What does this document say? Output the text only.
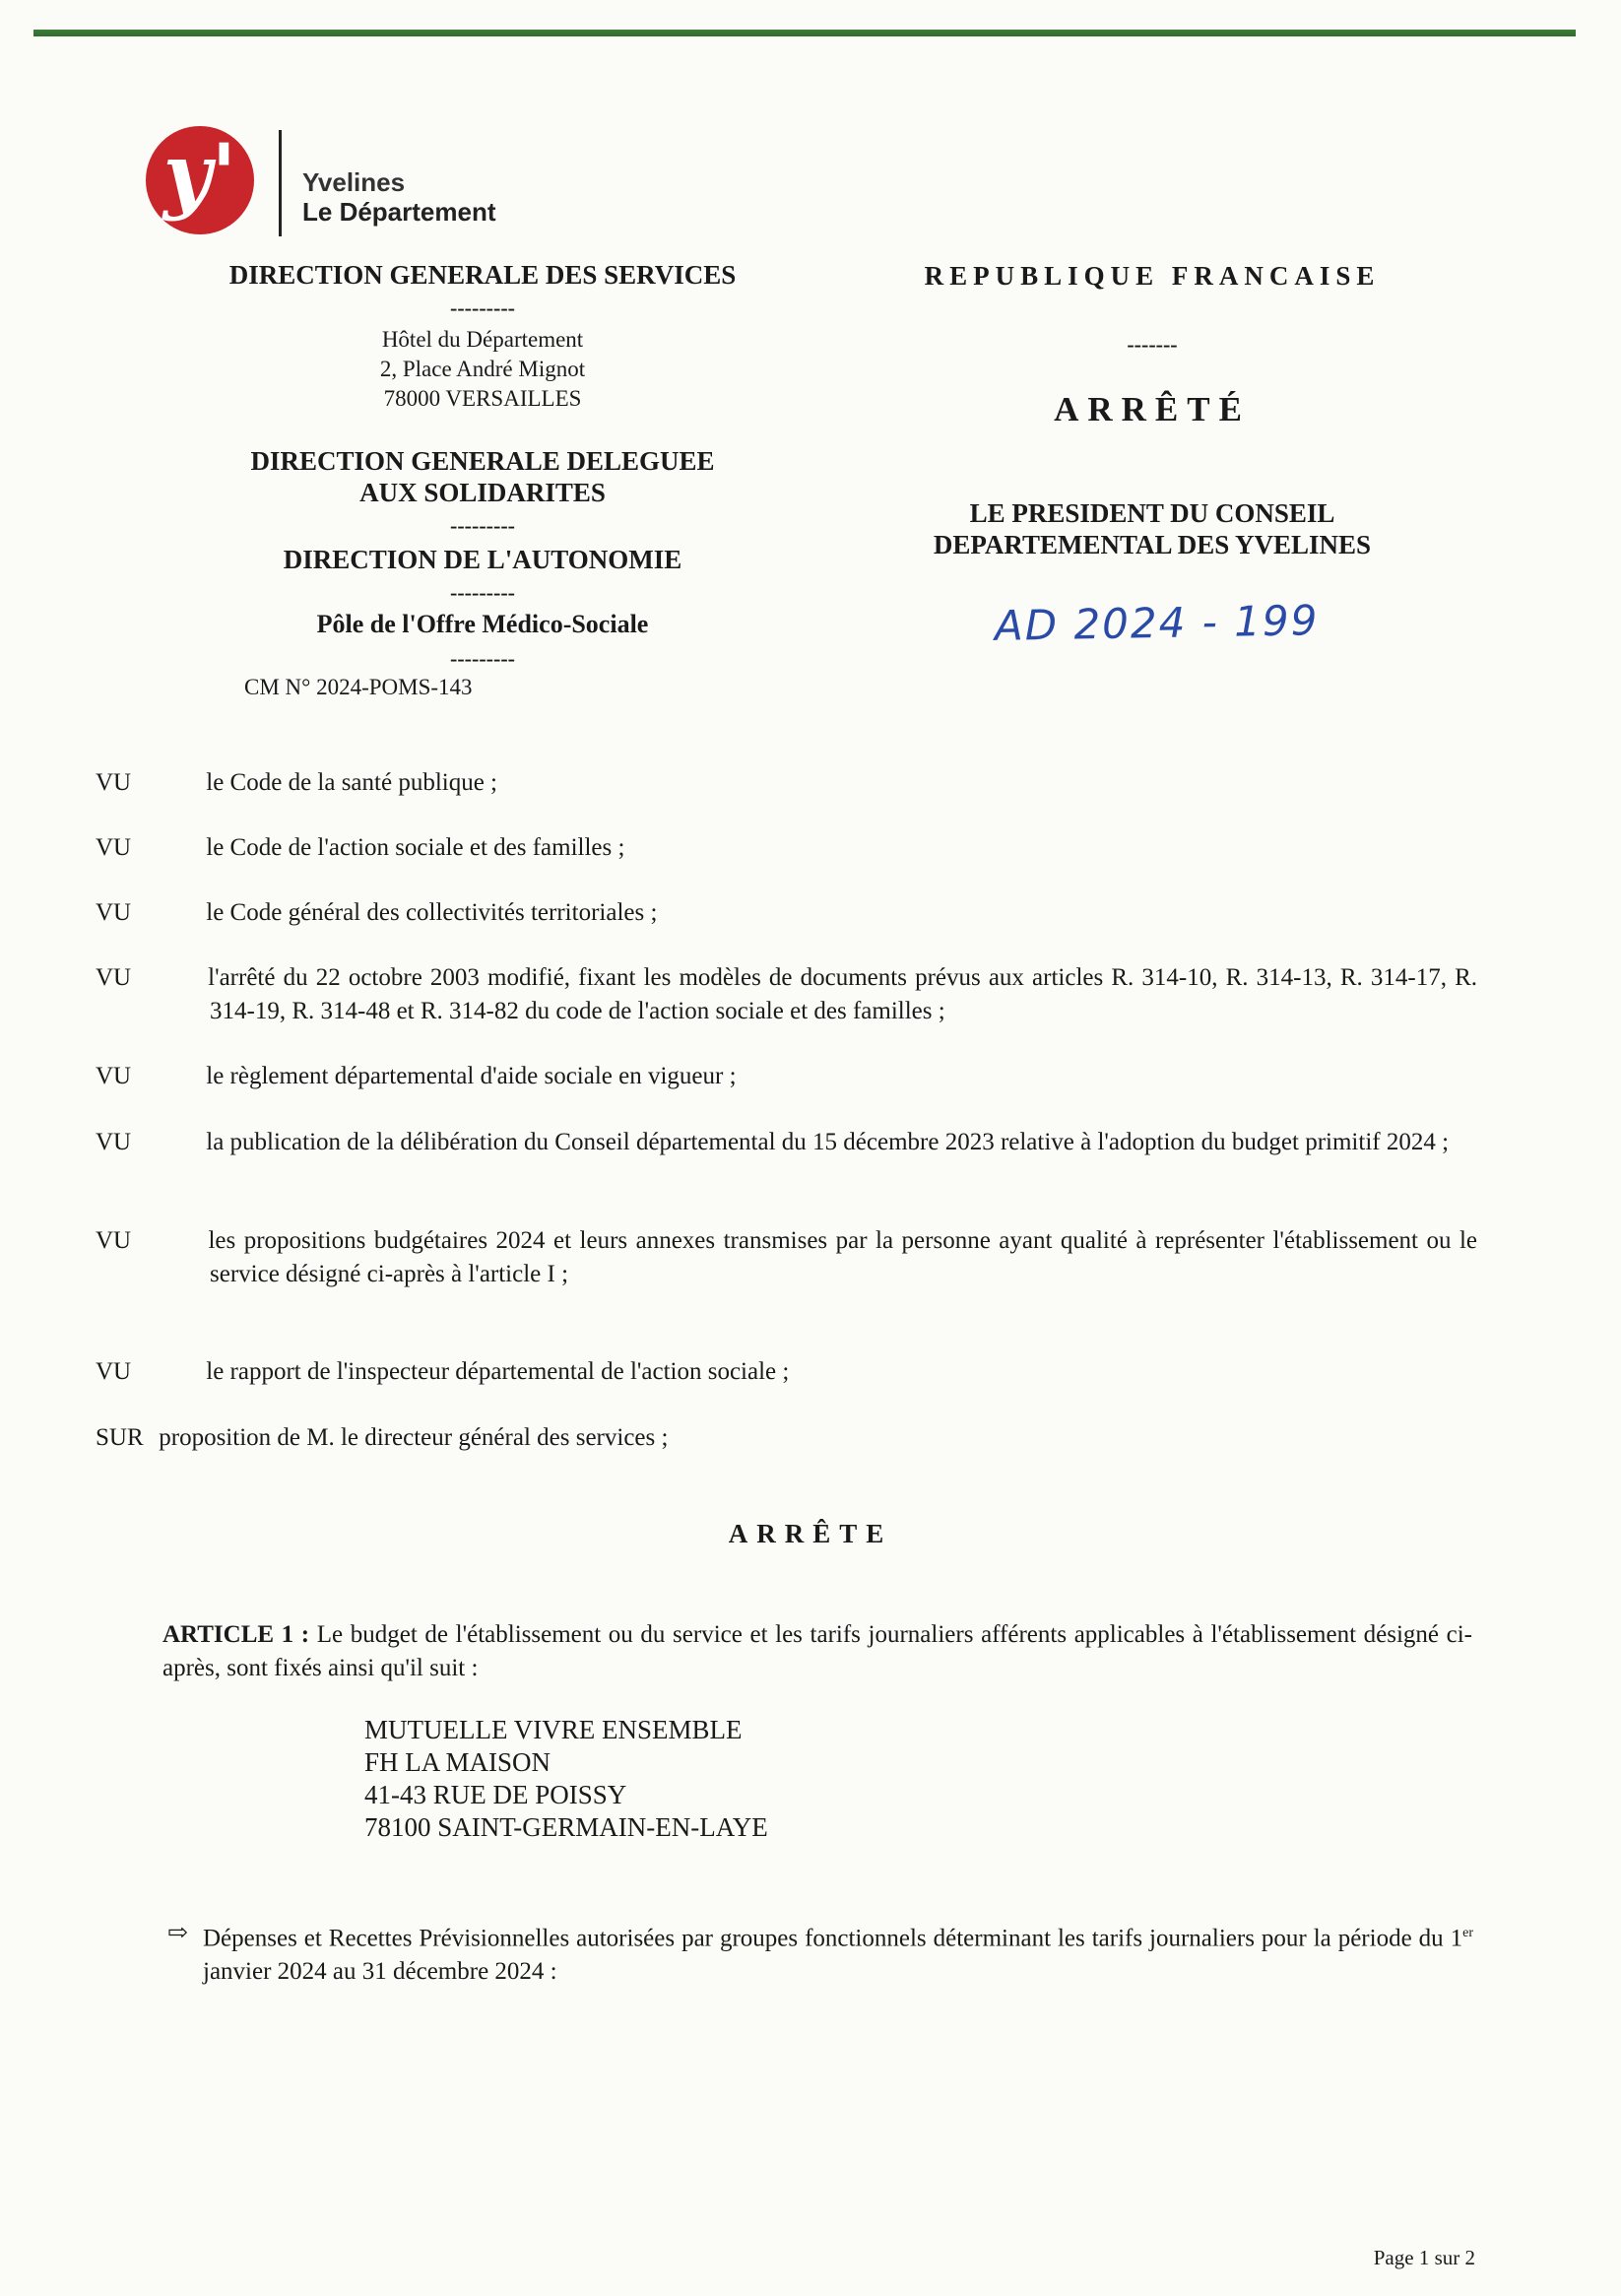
y'	Yvelines
Le Département
DIRECTION GENERALE DES SERVICES
---------
Hôtel du Département
2, Place André Mignot
78000 VERSAILLES
DIRECTION GENERALE DELEGUEE
AUX SOLIDARITES
---------
DIRECTION DE L'AUTONOMIE
---------
Pôle de l'Offre Médico-Sociale
---------
CM N° 2024-POMS-143
REPUBLIQUE FRANCAISE
-------
ARRÊTÉ
LE PRESIDENT DU CONSEIL
DEPARTEMENTAL DES YVELINES
AD 2024 - 199
VU	le Code de la santé publique ;
VU	le Code de l'action sociale et des familles ;
VU	le Code général des collectivités territoriales ;
VU	l'arrêté du 22 octobre 2003 modifié, fixant les modèles de documents prévus aux articles R. 314-10, R. 314-13, R. 314-17, R. 314-19, R. 314-48 et R. 314-82 du code de l'action sociale et des familles ;
VU	le règlement départemental d'aide sociale en vigueur ;
VU	la publication de la délibération du Conseil départemental du 15 décembre 2023 relative à l'adoption du budget primitif 2024 ;
VU	les propositions budgétaires 2024 et leurs annexes transmises par la personne ayant qualité à représenter l'établissement ou le service désigné ci-après à l'article I ;
VU	le rapport de l'inspecteur départemental de l'action sociale ;
SUR proposition de M. le directeur général des services ;
ARRÊTE
ARTICLE 1 : Le budget de l'établissement ou du service et les tarifs journaliers afférents applicables à l'établissement désigné ci-après, sont fixés ainsi qu'il suit :
MUTUELLE VIVRE ENSEMBLE
FH LA MAISON
41-43 RUE DE POISSY
78100 SAINT-GERMAIN-EN-LAYE
⇨ Dépenses et Recettes Prévisionnelles autorisées par groupes fonctionnels déterminant les tarifs journaliers pour la période du 1er janvier 2024 au 31 décembre 2024 :
Page 1 sur 2
